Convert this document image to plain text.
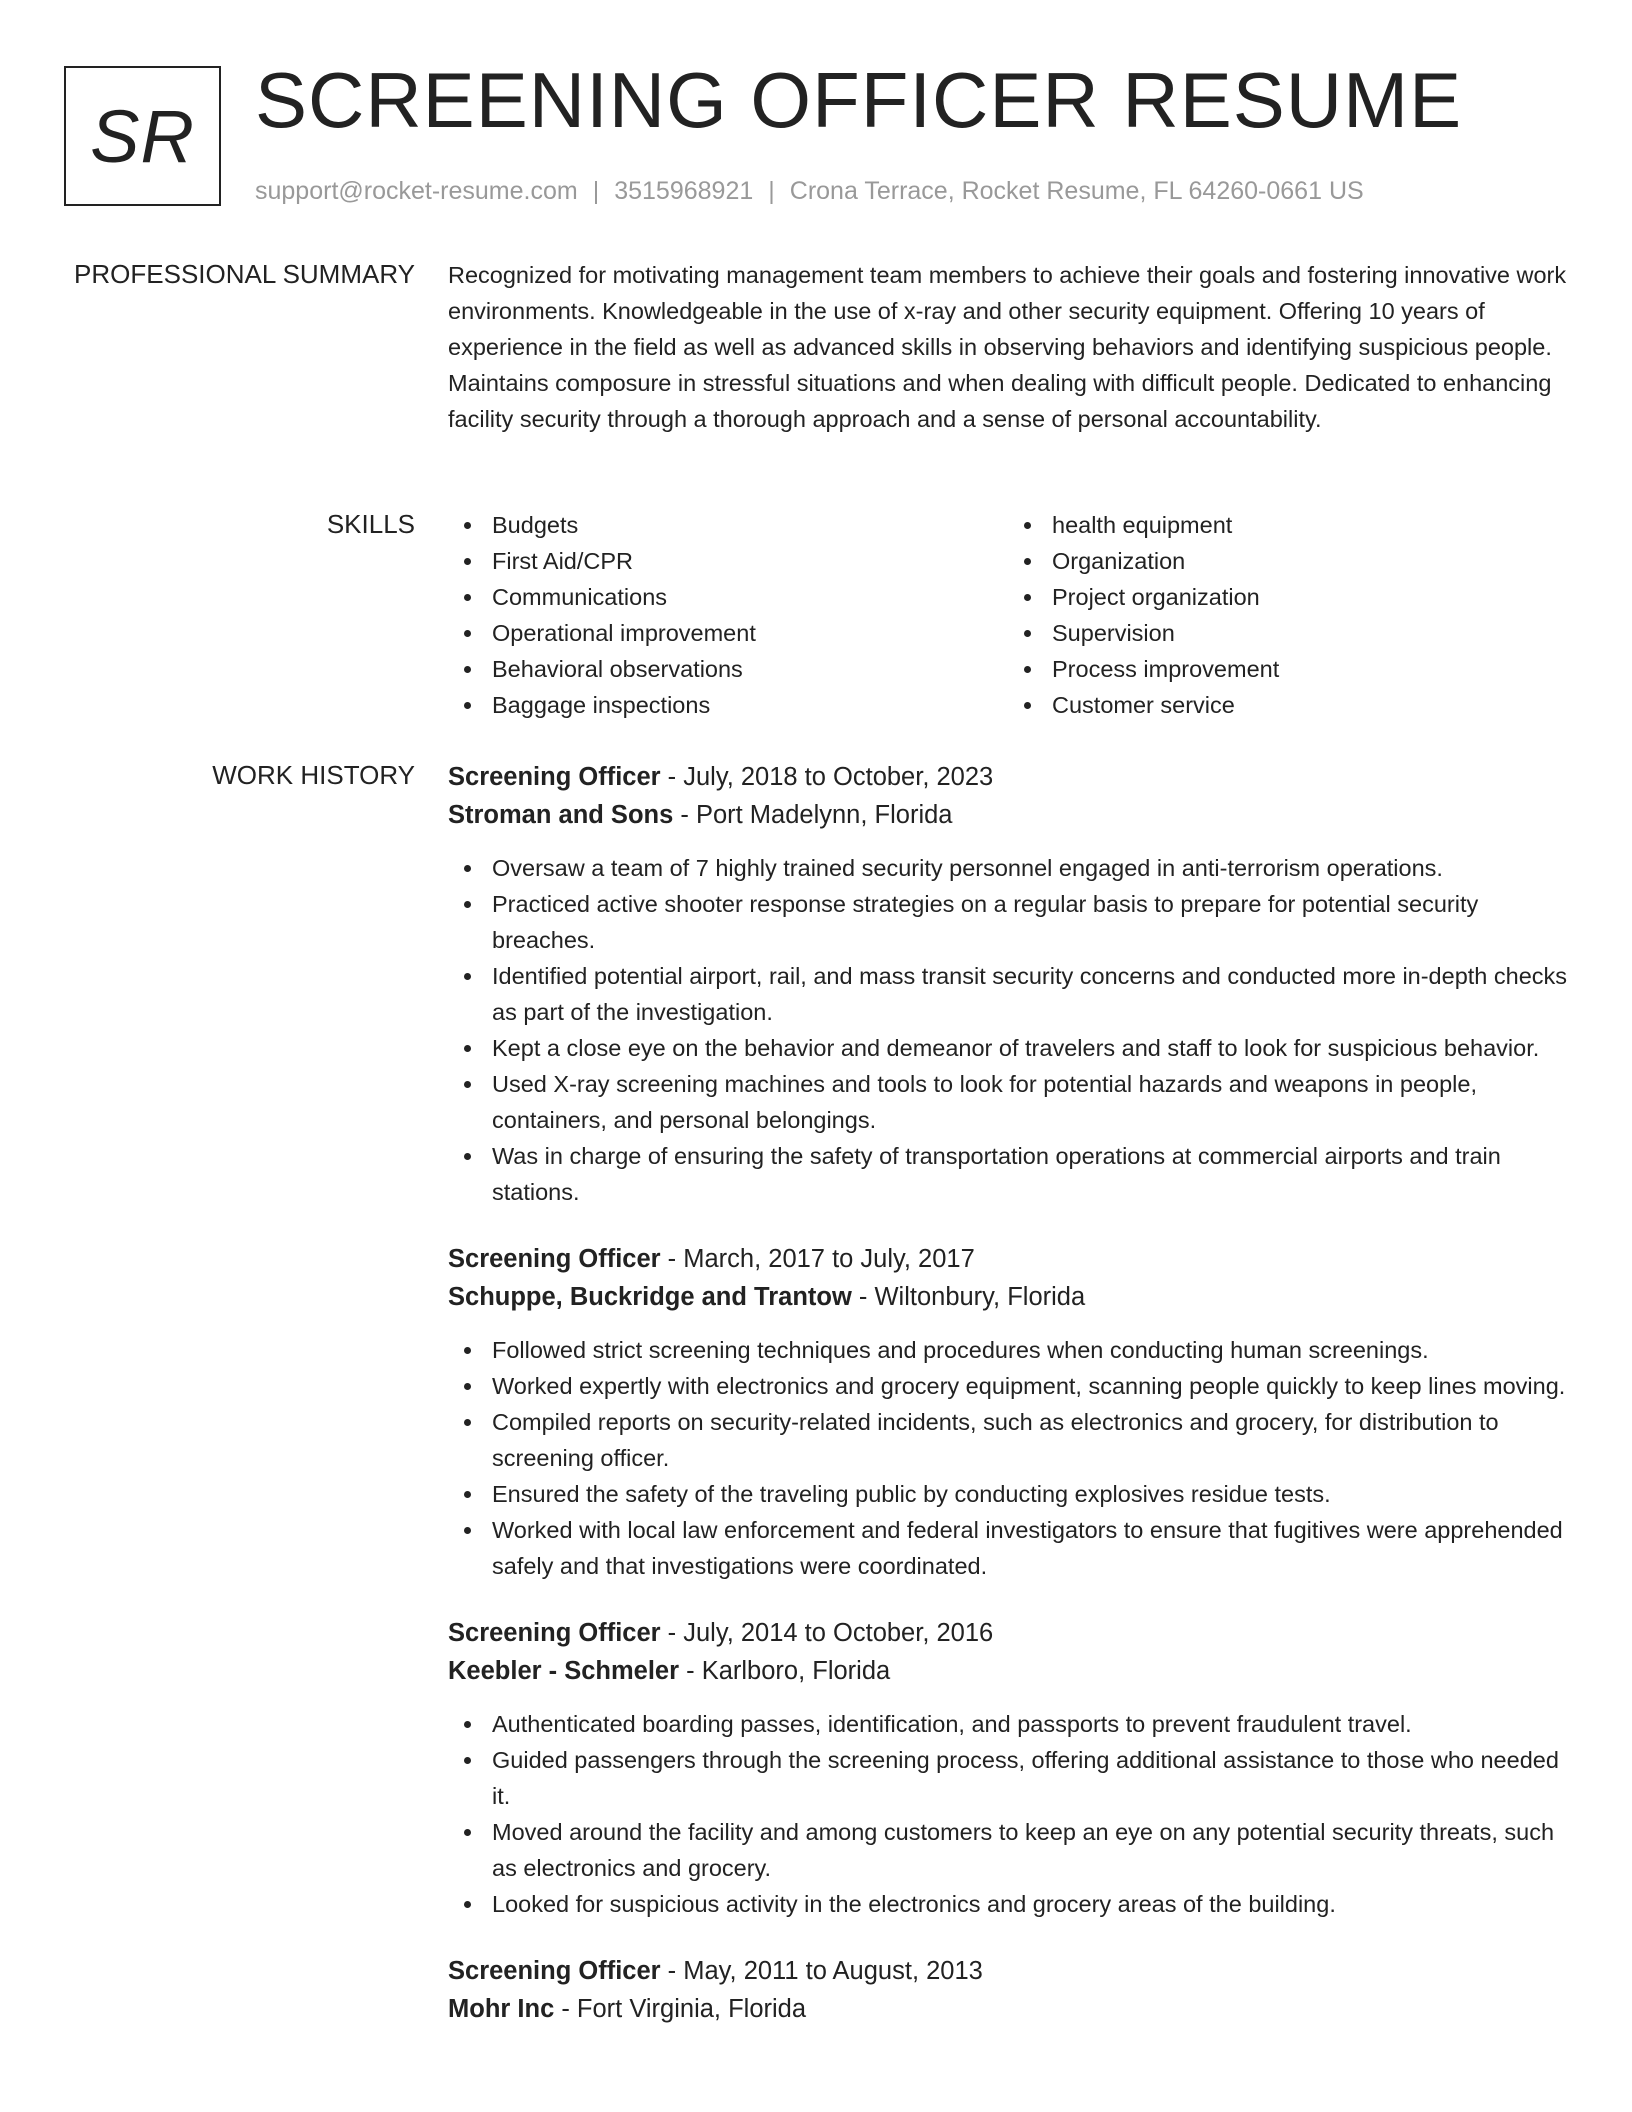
SR SCREENING OFFICER RESUME
support@rocket-resume.com | 3515968921 | Crona Terrace, Rocket Resume, FL 64260-0661 US
PROFESSIONAL SUMMARY Recognized for motivating management team members to achieve their goals and fostering innovative work environments. Knowledgeable in the use of x-ray and other security equipment. Offering 10 years of experience in the field as well as advanced skills in observing behaviors and identifying suspicious people. Maintains composure in stressful situations and when dealing with difficult people. Dedicated to enhancing facility security through a thorough approach and a sense of personal accountability.

SKILLS	Budgets
First Aid/CPR
Communications
Operational improvement
Behavioral observations
Baggage inspections
health equipment
Organization
Project organization
Supervision
Process improvement
Customer service
WORK HISTORY Screening Officer - July, 2018 to October, 2023
Stroman and Sons - Port Madelynn, Florida
Oversaw a team of 7 highly trained security personnel engaged in anti-terrorism operations.
Practiced active shooter response strategies on a regular basis to prepare for potential security breaches.
Identified potential airport, rail, and mass transit security concerns and conducted more in-depth checks as part of the investigation.
Kept a close eye on the behavior and demeanor of travelers and staff to look for suspicious behavior.
Used X-ray screening machines and tools to look for potential hazards and weapons in people, containers, and personal belongings.
Was in charge of ensuring the safety of transportation operations at commercial airports and train stations.
Screening Officer - March, 2017 to July, 2017
Schuppe, Buckridge and Trantow - Wiltonbury, Florida
Followed strict screening techniques and procedures when conducting human screenings.
Worked expertly with electronics and grocery equipment, scanning people quickly to keep lines moving.
Compiled reports on security-related incidents, such as electronics and grocery, for distribution to screening officer.
Ensured the safety of the traveling public by conducting explosives residue tests.
Worked with local law enforcement and federal investigators to ensure that fugitives were apprehended safely and that investigations were coordinated.
Screening Officer - July, 2014 to October, 2016
Keebler - Schmeler - Karlboro, Florida
Authenticated boarding passes, identification, and passports to prevent fraudulent travel.
Guided passengers through the screening process, offering additional assistance to those who needed it.
Moved around the facility and among customers to keep an eye on any potential security threats, such as electronics and grocery.
Looked for suspicious activity in the electronics and grocery areas of the building.
Screening Officer - May, 2011 to August, 2013
Mohr Inc - Fort Virginia, Florida
